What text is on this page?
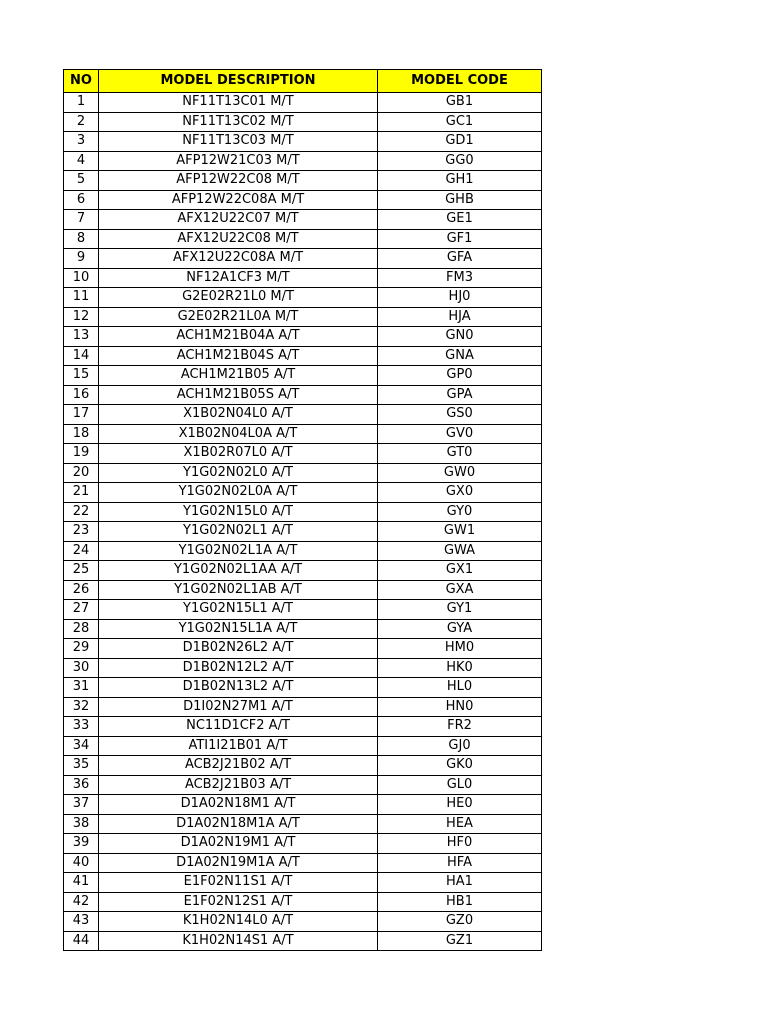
NO	MODEL DESCRIPTION	MODEL CODE
1	NF11T13C01 M/T	GB1
2	NF11T13C02 M/T	GC1
3	NF11T13C03 M/T	GD1
4	AFP12W21C03 M/T	GG0
5	AFP12W22C08 M/T	GH1
6	AFP12W22C08A M/T	GHB
7	AFX12U22C07 M/T	GE1
8	AFX12U22C08 M/T	GF1
9	AFX12U22C08A M/T	GFA
10	NF12A1CF3 M/T	FM3
11	G2E02R21L0 M/T	HJ0
12	G2E02R21L0A M/T	HJA
13	ACH1M21B04A A/T	GN0
14	ACH1M21B04S A/T	GNA
15	ACH1M21B05 A/T	GP0
16	ACH1M21B05S A/T	GPA
17	X1B02N04L0 A/T	GS0
18	X1B02N04L0A A/T	GV0
19	X1B02R07L0 A/T	GT0
20	Y1G02N02L0 A/T	GW0
21	Y1G02N02L0A A/T	GX0
22	Y1G02N15L0 A/T	GY0
23	Y1G02N02L1 A/T	GW1
24	Y1G02N02L1A A/T	GWA
25	Y1G02N02L1AA A/T	GX1
26	Y1G02N02L1AB A/T	GXA
27	Y1G02N15L1 A/T	GY1
28	Y1G02N15L1A A/T	GYA
29	D1B02N26L2 A/T	HM0
30	D1B02N12L2 A/T	HK0
31	D1B02N13L2 A/T	HL0
32	D1I02N27M1 A/T	HN0
33	NC11D1CF2 A/T	FR2
34	ATI1I21B01 A/T	GJ0
35	ACB2J21B02 A/T	GK0
36	ACB2J21B03 A/T	GL0
37	D1A02N18M1 A/T	HE0
38	D1A02N18M1A A/T	HEA
39	D1A02N19M1 A/T	HF0
40	D1A02N19M1A A/T	HFA
41	E1F02N11S1 A/T	HA1
42	E1F02N12S1 A/T	HB1
43	K1H02N14L0 A/T	GZ0
44	K1H02N14S1 A/T	GZ1
